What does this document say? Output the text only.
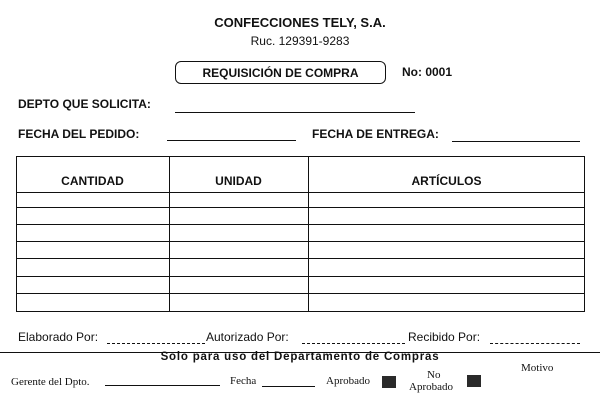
CONFECCIONES TELY, S.A.
Ruc. 129391-9283
REQUISICIÓN DE COMPRA	No: 0001
DEPTO QUE SOLICITA:
FECHA DEL PEDIDO:	FECHA DE ENTREGA:
CANTIDAD	UNIDAD	ARTÍCULOS
Elaborado Por:	Autorizado Por:	Recibido Por:
Solo para uso del Departamento de Compras
Gerente del Dpto.	Fecha	Aprobado	No
Aprobado
Motivo
